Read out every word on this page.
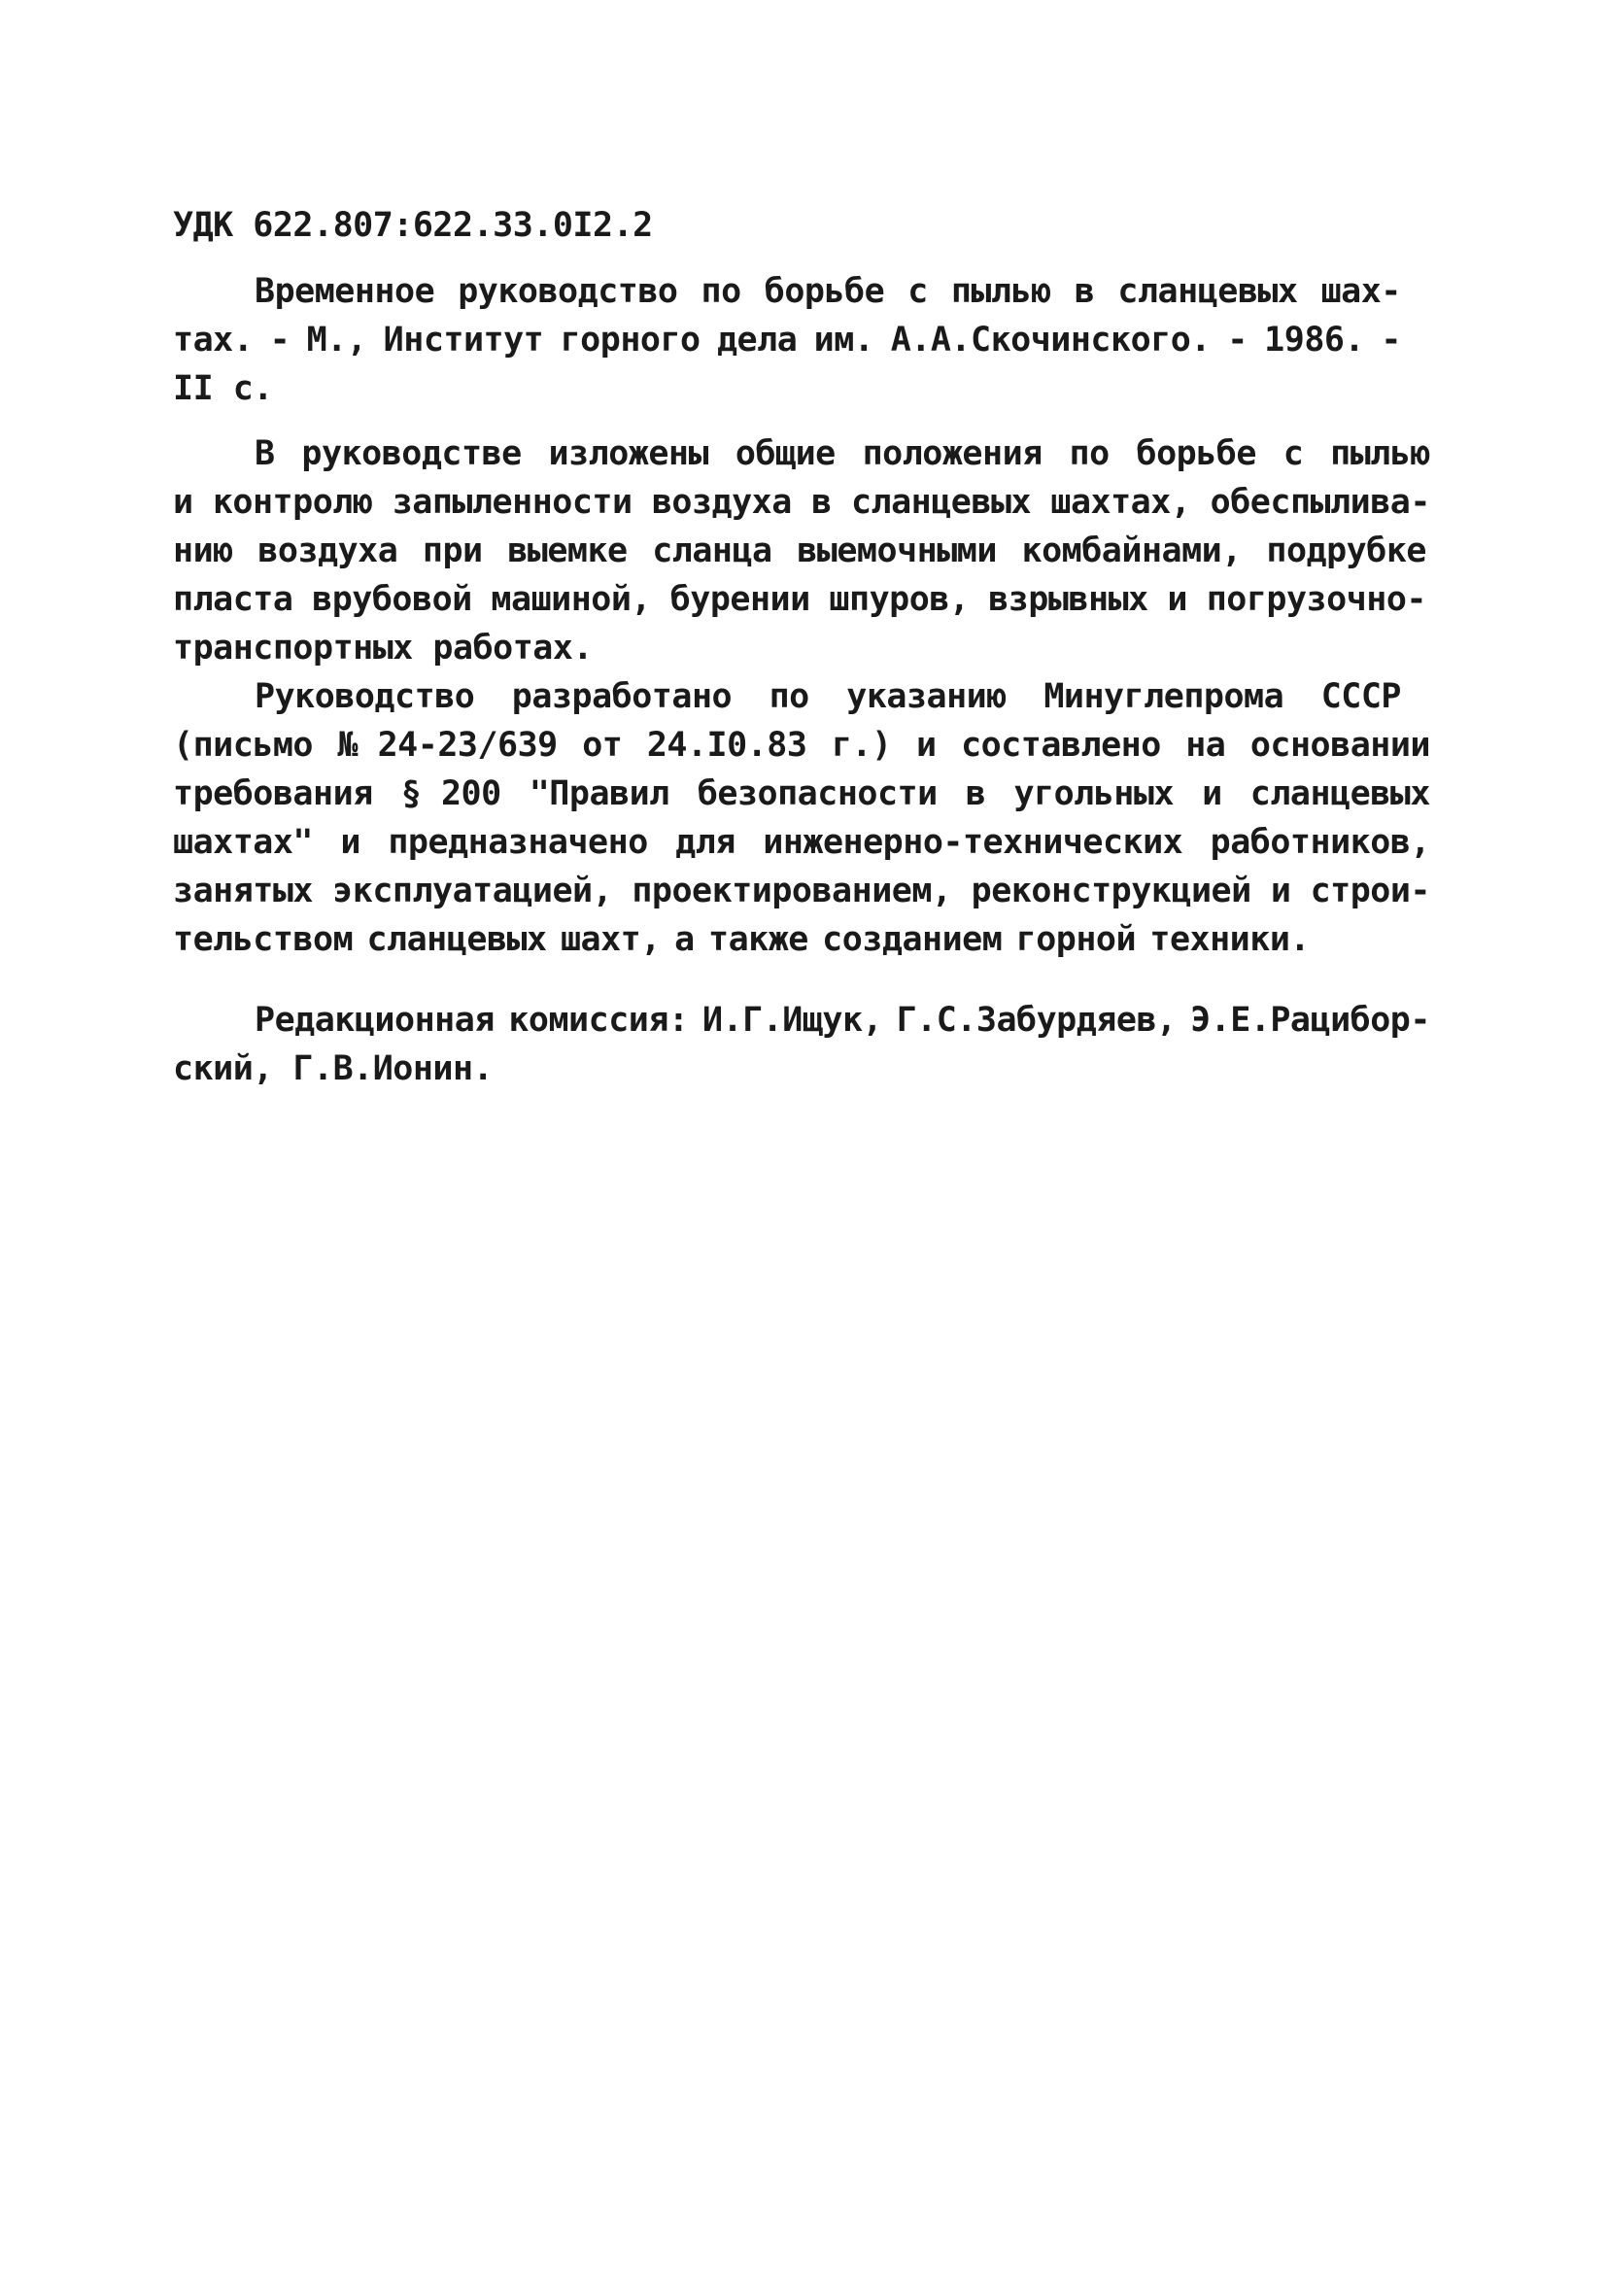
УДК 622.807:622.33.0I2.2
Временное руководство по борьбе с пылью в сланцевых шах-
тах. - М., Институт горного дела им. А.А.Скочинского. - 1986. -
II с.
В руководстве изложены общие положения по борьбе с пылью
и контролю запыленности воздуха в сланцевых шахтах, обеспылива-
нию воздуха при выемке сланца выемочными комбайнами, подрубке
пласта врубовой машиной, бурении шпуров, взрывных и погрузочно-
транспортных работах.
Руководство разработано по указанию Минуглепрома СССР
(письмо № 24-23/639 от 24.I0.83 г.) и составлено на основании
требования § 200 "Правил безопасности в угольных и сланцевых
шахтах" и предназначено для инженерно-технических работников,
занятых эксплуатацией, проектированием, реконструкцией и строи-
тельством сланцевых шахт, а также созданием горной техники.
Редакционная комиссия: И.Г.Ищук, Г.С.Забурдяев, Э.Е.Рацибор-
ский, Г.В.Ионин.
